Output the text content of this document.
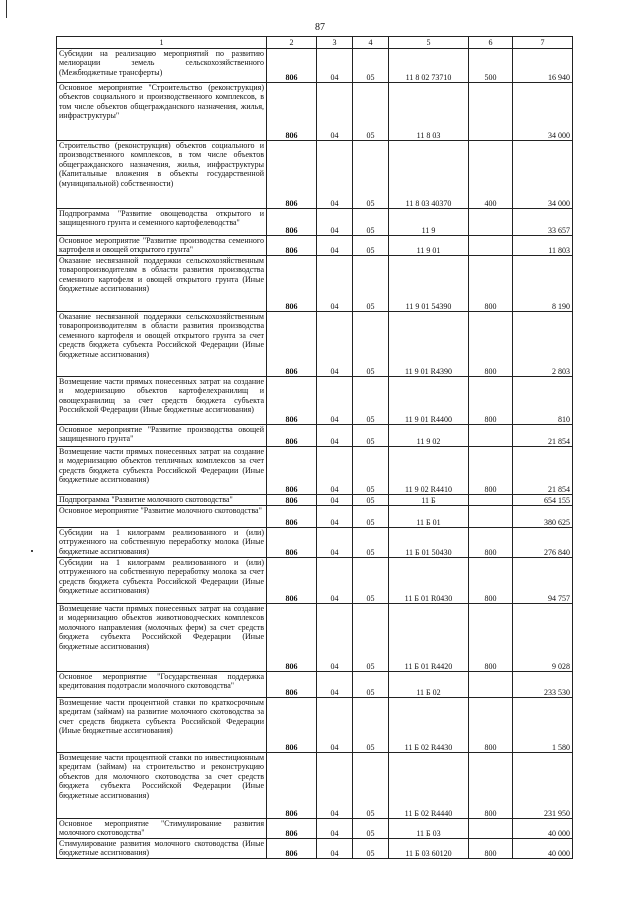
87
1	2	3	4	5	6	7
Субсидии на реализацию мероприятий по развитию мелиорации земель сельскохозяйственного (Межбюджетные трансферты)	806	04	05	11 8 02 73710	500	16 940
Основное мероприятие "Строительство (реконструкция) объектов социального и производственного комплексов, в том числе объектов общегражданского назначения, жилья, инфраструктуры"	806	04	05	11 8 03		34 000
Строительство (реконструкция) объектов социального и производственного комплексов, в том числе объектов общегражданского назначения, жилья, инфраструктуры (Капитальные вложения в объекты государственной (муниципальной) собственности)	806	04	05	11 8 03 40370	400	34 000
Подпрограмма "Развитие овощеводства открытого и защищенного грунта и семенного картофелеводства"	806	04	05	11 9		33 657
Основное мероприятие "Развитие производства семенного картофеля и овощей открытого грунта"	806	04	05	11 9 01		11 803
Оказание несвязанной поддержки сельскохозяйственным товаропроизводителям в области развития производства семенного картофеля и овощей открытого грунта (Иные бюджетные ассигнования)	806	04	05	11 9 01 54390	800	8 190
Оказание несвязанной поддержки сельскохозяйственным товаропроизводителям в области развития производства семенного картофеля и овощей открытого грунта за счет средств бюджета субъекта Российской Федерации (Иные бюджетные ассигнования)	806	04	05	11 9 01 R4390	800	2 803
Возмещение части прямых понесенных затрат на создание и модернизацию объектов картофелехранилищ и овощехранилищ за счет средств бюджета субъекта Российской Федерации (Иные бюджетные ассигнования)	806	04	05	11 9 01 R4400	800	810
Основное мероприятие "Развитие производства овощей защищенного грунта"	806	04	05	11 9 02		21 854
Возмещение части прямых понесенных затрат на создание и модернизацию объектов тепличных комплексов за счет средств бюджета субъекта Российской Федерации (Иные бюджетные ассигнования)	806	04	05	11 9 02 R4410	800	21 854
Подпрограмма "Развитие молочного скотоводства"	806	04	05	11 Б		654 155
Основное мероприятие "Развитие молочного скотоводства"	806	04	05	11 Б 01		380 625
Субсидии на 1 килограмм реализованного и (или) отгруженного на собственную переработку молока (Иные бюджетные ассигнования)	806	04	05	11 Б 01 50430	800	276 840
Субсидии на 1 килограмм реализованного и (или) отгруженного на собственную переработку молока за счет средств бюджета субъекта Российской Федерации (Иные бюджетные ассигнования)	806	04	05	11 Б 01 R0430	800	94 757
Возмещение части прямых понесенных затрат на создание и модернизацию объектов животноводческих комплексов молочного направления (молочных ферм) за счет средств бюджета субъекта Российской Федерации (Иные бюджетные ассигнования)	806	04	05	11 Б 01 R4420	800	9 028
Основное мероприятие "Государственная поддержка кредитования подотрасли молочного скотоводства"	806	04	05	11 Б 02		233 530
Возмещение части процентной ставки по краткосрочным кредитам (займам) на развитие молочного скотоводства за счет средств бюджета субъекта Российской Федерации (Иные бюджетные ассигнования)	806	04	05	11 Б 02 R4430	800	1 580
Возмещение части процентной ставки по инвестиционным кредитам (займам) на строительство и реконструкцию объектов для молочного скотоводства за счет средств бюджета субъекта Российской Федерации (Иные бюджетные ассигнования)	806	04	05	11 Б 02 R4440	800	231 950
Основное мероприятие "Стимулирование развития молочного скотоводства"	806	04	05	11 Б 03		40 000
Стимулирование развития молочного скотоводства (Иные бюджетные ассигнования)	806	04	05	11 Б 03 60120	800	40 000
